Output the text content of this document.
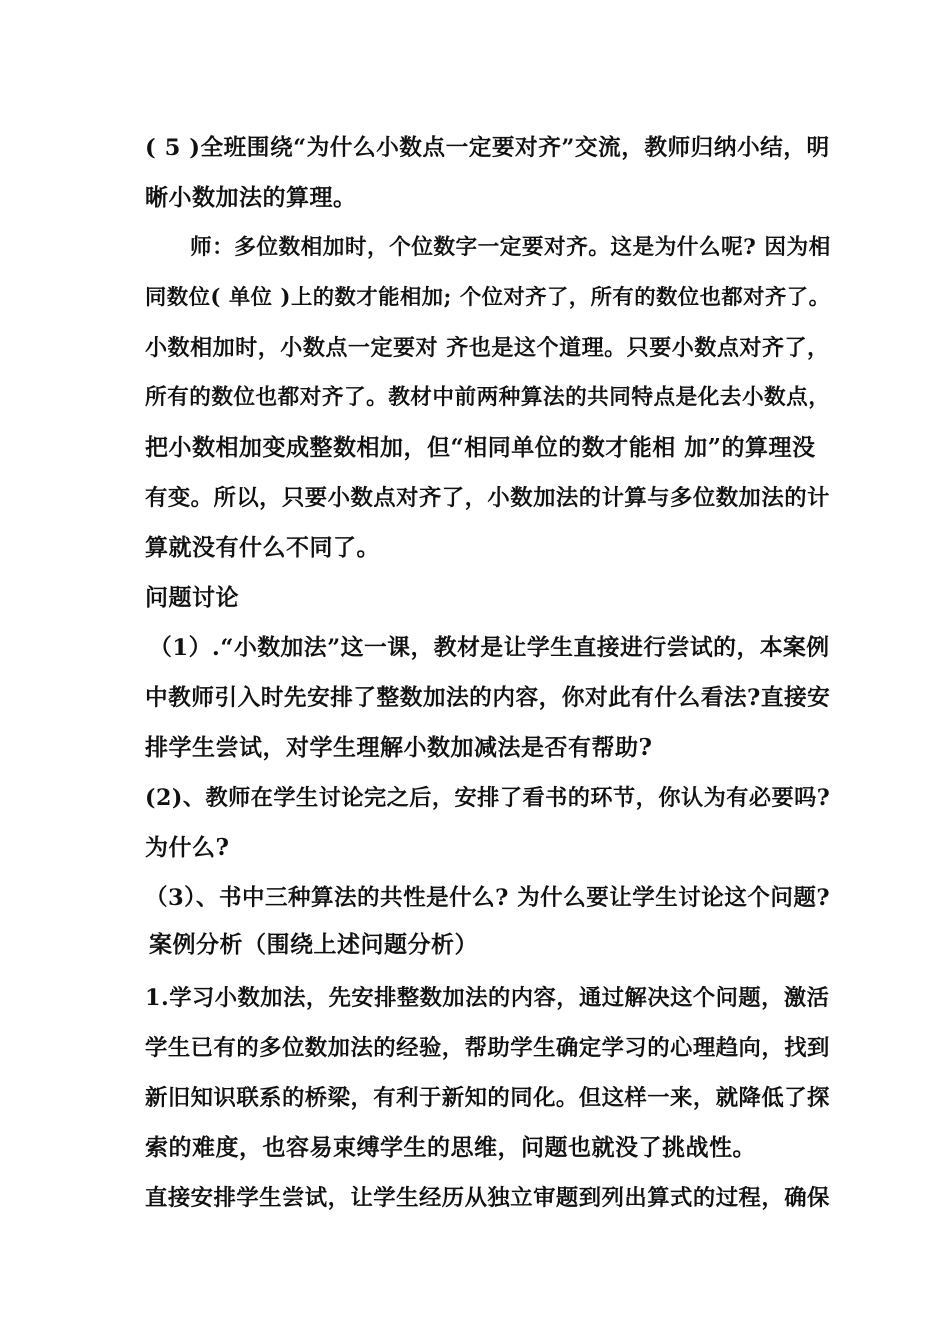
( 5 )全班围绕“为什么小数点一定要对齐”交流，教师归纳小结，明
晰小数加法的算理。
师：多位数相加时，个位数字一定要对齐。这是为什么呢? 因为相
同数位( 单位 )上的数才能相加; 个位对齐了，所有的数位也都对齐了。
小数相加时，小数点一定要对 齐也是这个道理。只要小数点对齐了，
所有的数位也都对齐了。教材中前两种算法的共同特点是化去小数点，
把小数相加变成整数相加，但“相同单位的数才能相 加”的算理没
有变。所以，只要小数点对齐了，小数加法的计算与多位数加法的计
算就没有什么不同了。
问题讨论
（1）.“小数加法”这一课，教材是让学生直接进行尝试的，本案例
中教师引入时先安排了整数加法的内容，你对此有什么看法?直接安
排学生尝试，对学生理解小数加减法是否有帮助?
(2)、教师在学生讨论完之后，安排了看书的环节，你认为有必要吗?
为什么?
（3）、书中三种算法的共性是什么? 为什么要让学生讨论这个问题?
案例分析（围绕上述问题分析）
1.学习小数加法，先安排整数加法的内容，通过解决这个问题，激活
学生已有的多位数加法的经验，帮助学生确定学习的心理趋向，找到
新旧知识联系的桥梁，有利于新知的同化。但这样一来，就降低了探
索的难度，也容易束缚学生的思维，问题也就没了挑战性。
直接安排学生尝试，让学生经历从独立审题到列出算式的过程，确保
